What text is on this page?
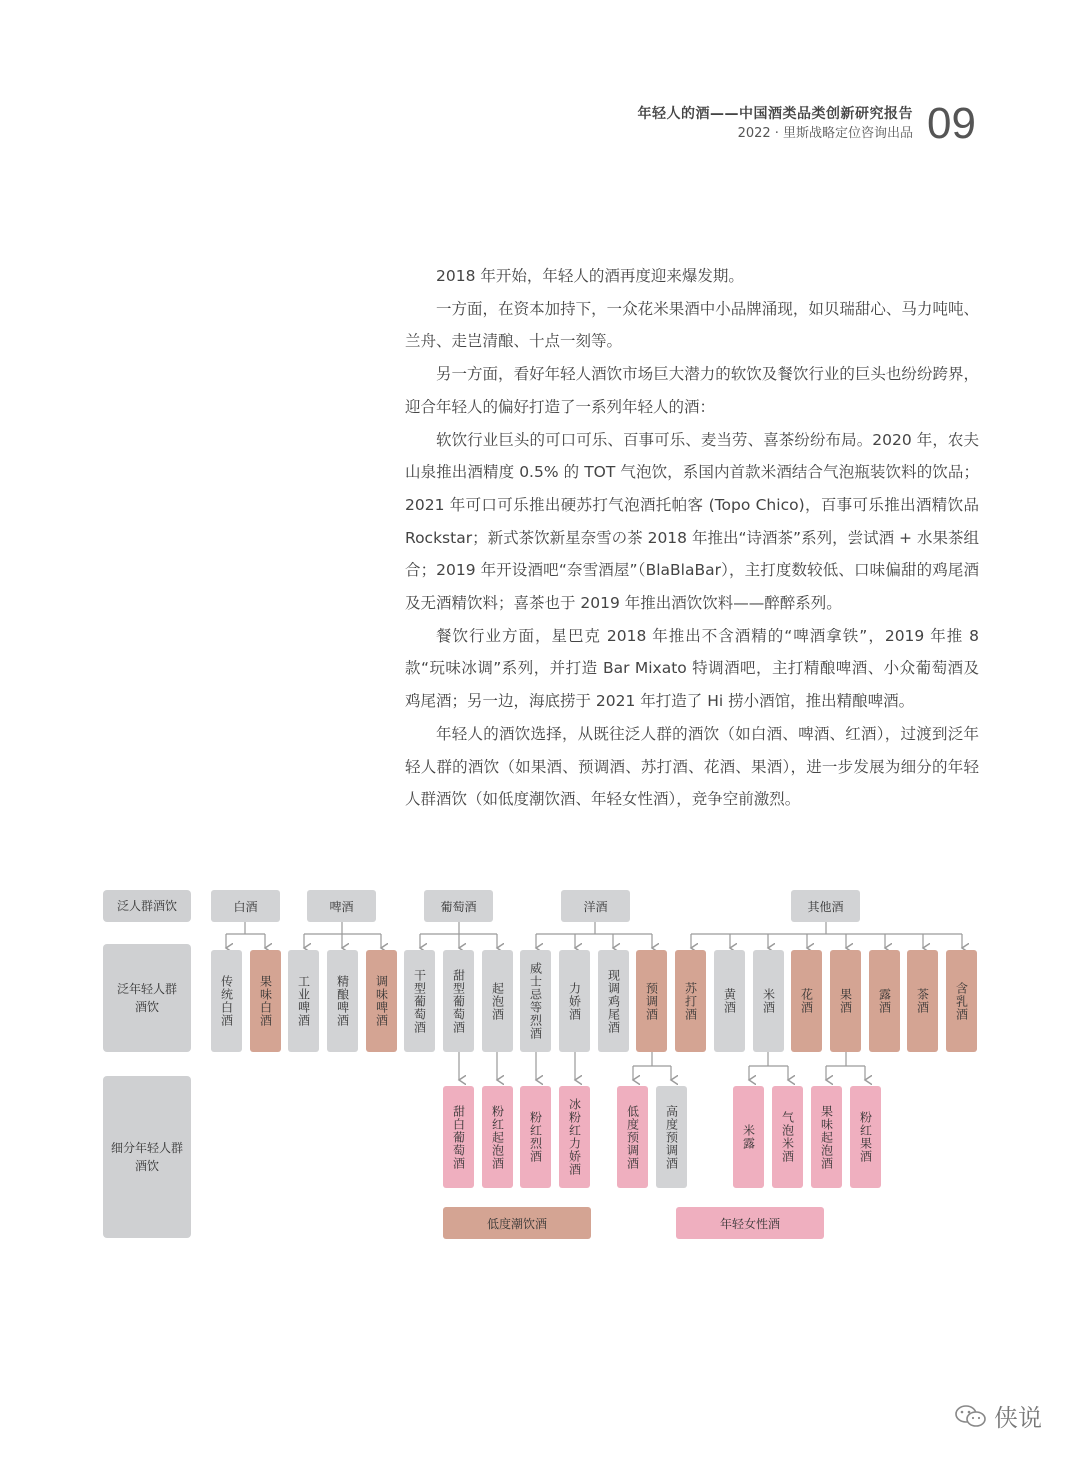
年轻人的酒——中国酒类品类创新研究报告
2022 · 里斯战略定位咨询出品 09

2018 年开始，年轻人的酒再度迎来爆发期。

一方面，在资本加持下，一众花米果酒中小品牌涌现，如贝瑞甜心、马力吨吨、兰舟、走岂清酿、十点一刻等。

另一方面，看好年轻人酒饮市场巨大潜力的软饮及餐饮行业的巨头也纷纷跨界，迎合年轻人的偏好打造了一系列年轻人的酒：

软饮行业巨头的可口可乐、百事可乐、麦当劳、喜茶纷纷布局。2020 年，农夫山泉推出酒精度 0.5% 的 TOT 气泡饮，系国内首款米酒结合气泡瓶装饮料的饮品；2021 年可口可乐推出硬苏打气泡酒托帕客 (Topo Chico)，百事可乐推出酒精饮品 Rockstar；新式茶饮新星奈雪の茶 2018 年推出“诗酒茶”系列，尝试酒 + 水果茶组合；2019 年开设酒吧“奈雪酒屋”（BlaBlaBar），主打度数较低、口味偏甜的鸡尾酒及无酒精饮料；喜茶也于 2019 年推出酒饮饮料——醉醉系列。

餐饮行业方面，星巴克 2018 年推出不含酒精的“啤酒拿铁”，2019 年推 8 款“玩味冰调”系列，并打造 Bar Mixato 特调酒吧，主打精酿啤酒、小众葡萄酒及鸡尾酒；另一边，海底捞于 2021 年打造了 Hi 捞小酒馆，推出精酿啤酒。

年轻人的酒饮选择，从既往泛人群的酒饮（如白酒、啤酒、红酒），过渡到泛年轻人群的酒饮（如果酒、预调酒、苏打酒、花酒、果酒），进一步发展为细分的年轻人群酒饮（如低度潮饮酒、年轻女性酒），竞争空前激烈。

泛人群酒饮
泛年轻人群
酒饮
细分年轻人群
酒饮
白酒	啤酒	葡萄酒	洋酒	其他酒
传统白酒	果味白酒	工业啤酒	精酿啤酒	调味啤酒	干型葡萄酒	甜型葡萄酒	起泡酒	威士忌等烈酒	力娇酒	现调鸡尾酒	预调酒	苏打酒	黄酒	米酒	花酒	果酒	露酒	茶酒	含乳酒
甜白葡萄酒	粉红起泡酒	粉红烈酒	冰粉红力娇酒	低度预调酒	高度预调酒	米露	气泡米酒	果味起泡酒	粉红果酒
低度潮饮酒	年轻女性酒
侠说
